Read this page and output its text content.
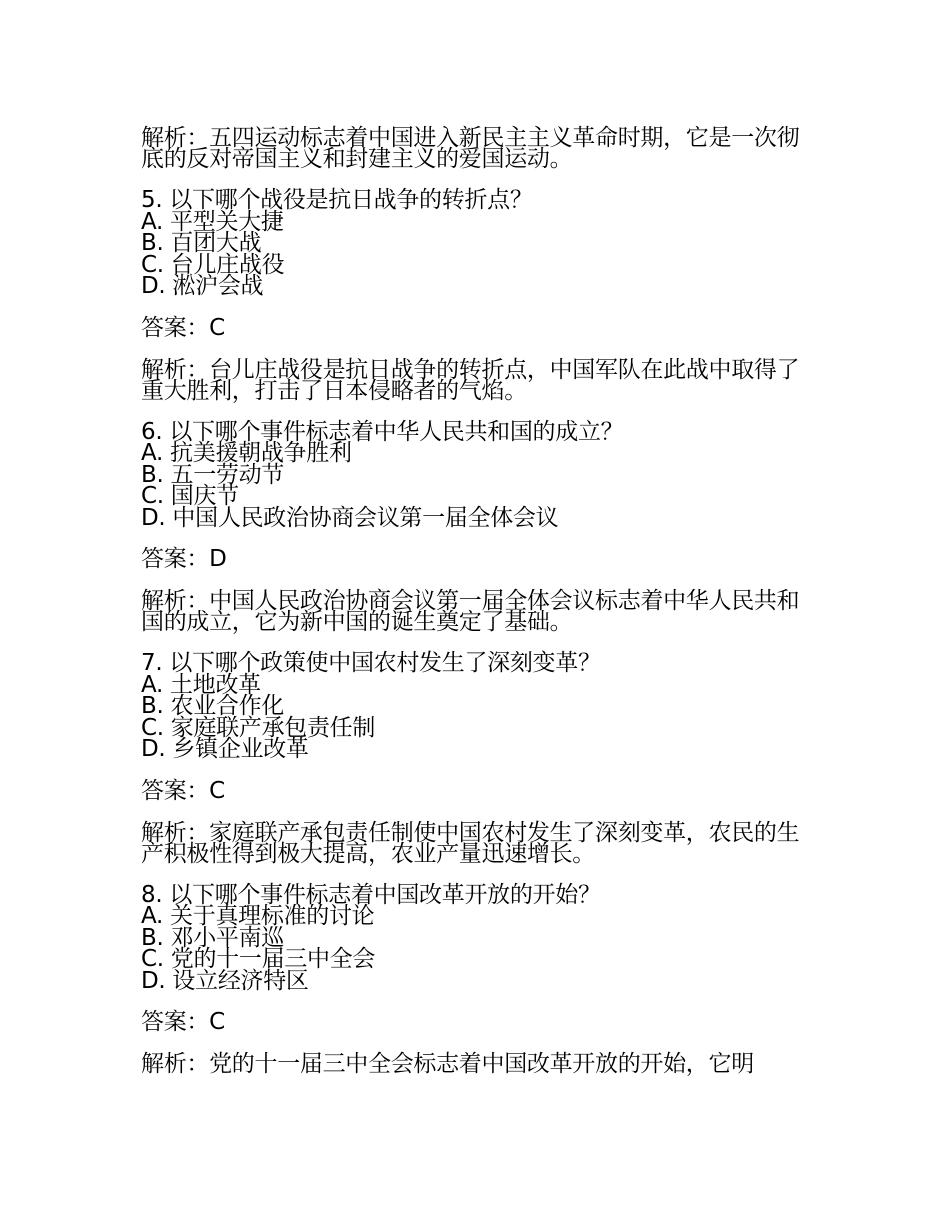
解析：五四运动标志着中国进入新民主主义革命时期，它是一次彻底的反对帝国主义和封建主义的爱国运动。
5. 以下哪个战役是抗日战争的转折点？
A. 平型关大捷
B. 百团大战
C. 台儿庄战役
D. 淞沪会战
答案：C
解析：台儿庄战役是抗日战争的转折点，中国军队在此战中取得了重大胜利，打击了日本侵略者的气焰。
6. 以下哪个事件标志着中华人民共和国的成立？
A. 抗美援朝战争胜利
B. 五一劳动节
C. 国庆节
D. 中国人民政治协商会议第一届全体会议
答案：D
解析：中国人民政治协商会议第一届全体会议标志着中华人民共和国的成立，它为新中国的诞生奠定了基础。
7. 以下哪个政策使中国农村发生了深刻变革？
A. 土地改革
B. 农业合作化
C. 家庭联产承包责任制
D. 乡镇企业改革
答案：C
解析：家庭联产承包责任制使中国农村发生了深刻变革，农民的生产积极性得到极大提高，农业产量迅速增长。
8. 以下哪个事件标志着中国改革开放的开始？
A. 关于真理标准的讨论
B. 邓小平南巡
C. 党的十一届三中全会
D. 设立经济特区
答案：C
解析：党的十一届三中全会标志着中国改革开放的开始，它明
